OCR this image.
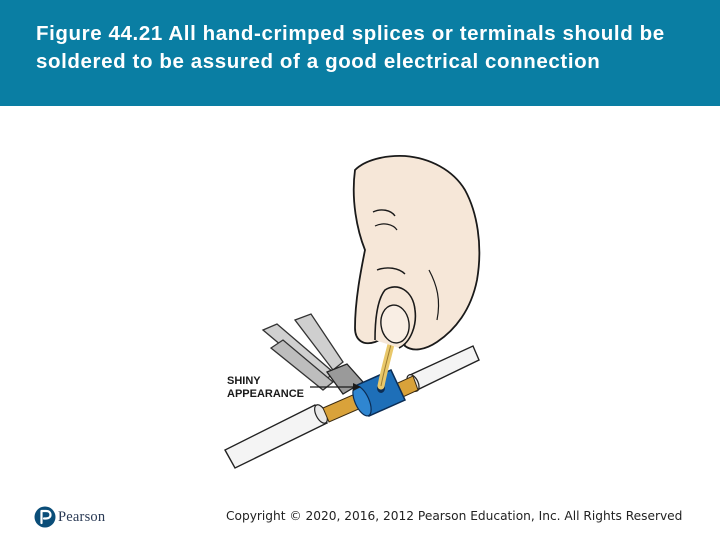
Figure 44.21 All hand-crimped splices or terminals should be soldered to be assured of a good electrical connection
SHINY
APPEARANCE
Pearson	Copyright © 2020, 2016, 2012 Pearson Education, Inc. All Rights Reserved
